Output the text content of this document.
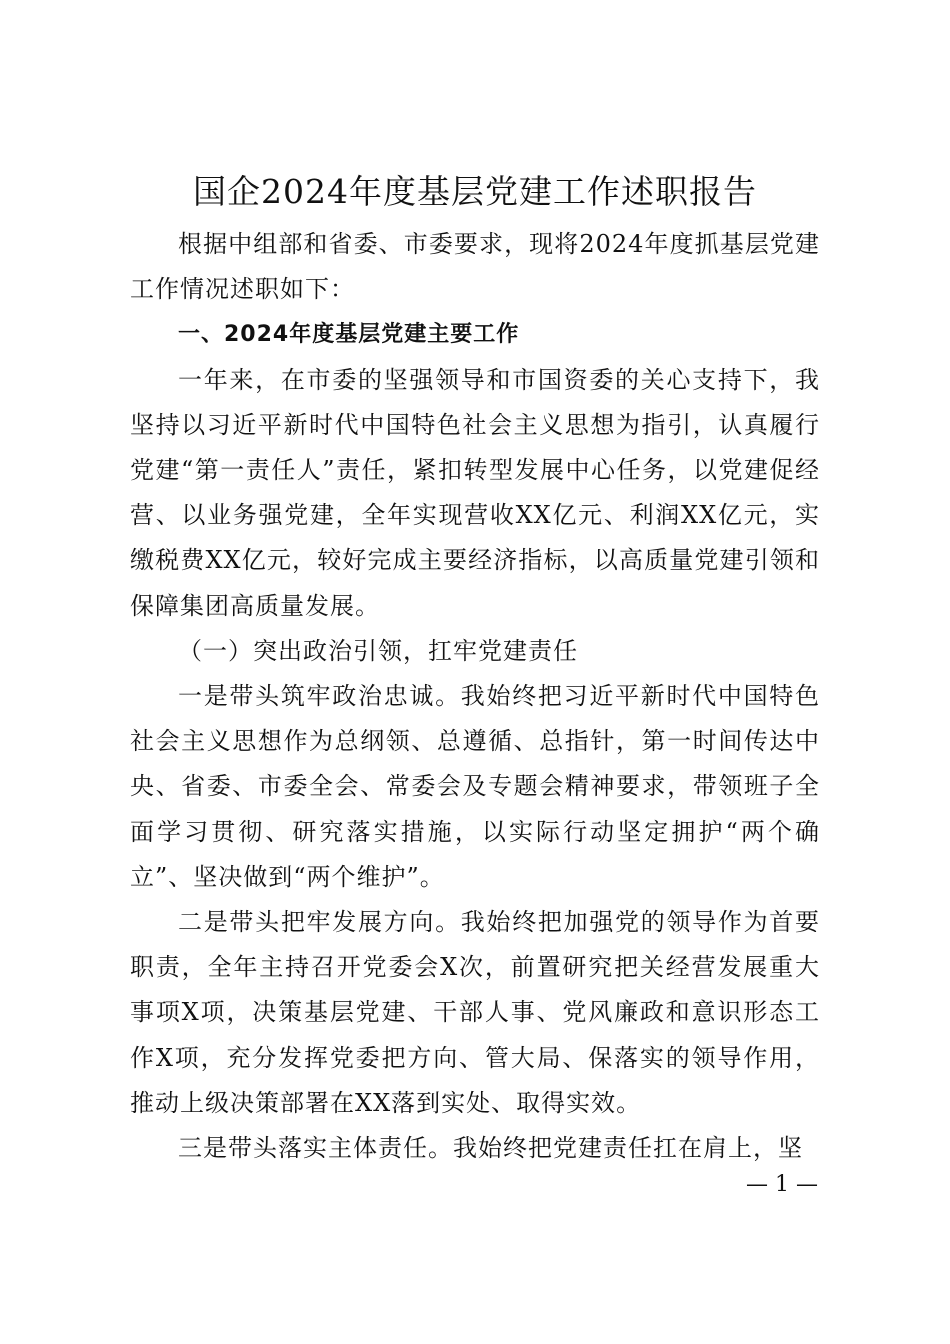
国企2024年度基层党建工作述职报告

根据中组部和省委、市委要求，现将2024年度抓基层党建工作情况述职如下：

一、2024年度基层党建主要工作

一年来，在市委的坚强领导和市国资委的关心支持下，我坚持以习近平新时代中国特色社会主义思想为指引，认真履行党建“第一责任人”责任，紧扣转型发展中心任务，以党建促经营、以业务强党建，全年实现营收XX亿元、利润XX亿元，实缴税费XX亿元，较好完成主要经济指标，以高质量党建引领和保障集团高质量发展。

（一）突出政治引领，扛牢党建责任

一是带头筑牢政治忠诚。我始终把习近平新时代中国特色社会主义思想作为总纲领、总遵循、总指针，第一时间传达中央、省委、市委全会、常委会及专题会精神要求，带领班子全面学习贯彻、研究落实措施，以实际行动坚定拥护“两个确立”、坚决做到“两个维护”。

二是带头把牢发展方向。我始终把加强党的领导作为首要职责，全年主持召开党委会X次，前置研究把关经营发展重大事项X项，决策基层党建、干部人事、党风廉政和意识形态工作X项，充分发挥党委把方向、管大局、保落实的领导作用，推动上级决策部署在XX落到实处、取得实效。

三是带头落实主体责任。我始终把党建责任扛在肩上，坚

— 1 —
